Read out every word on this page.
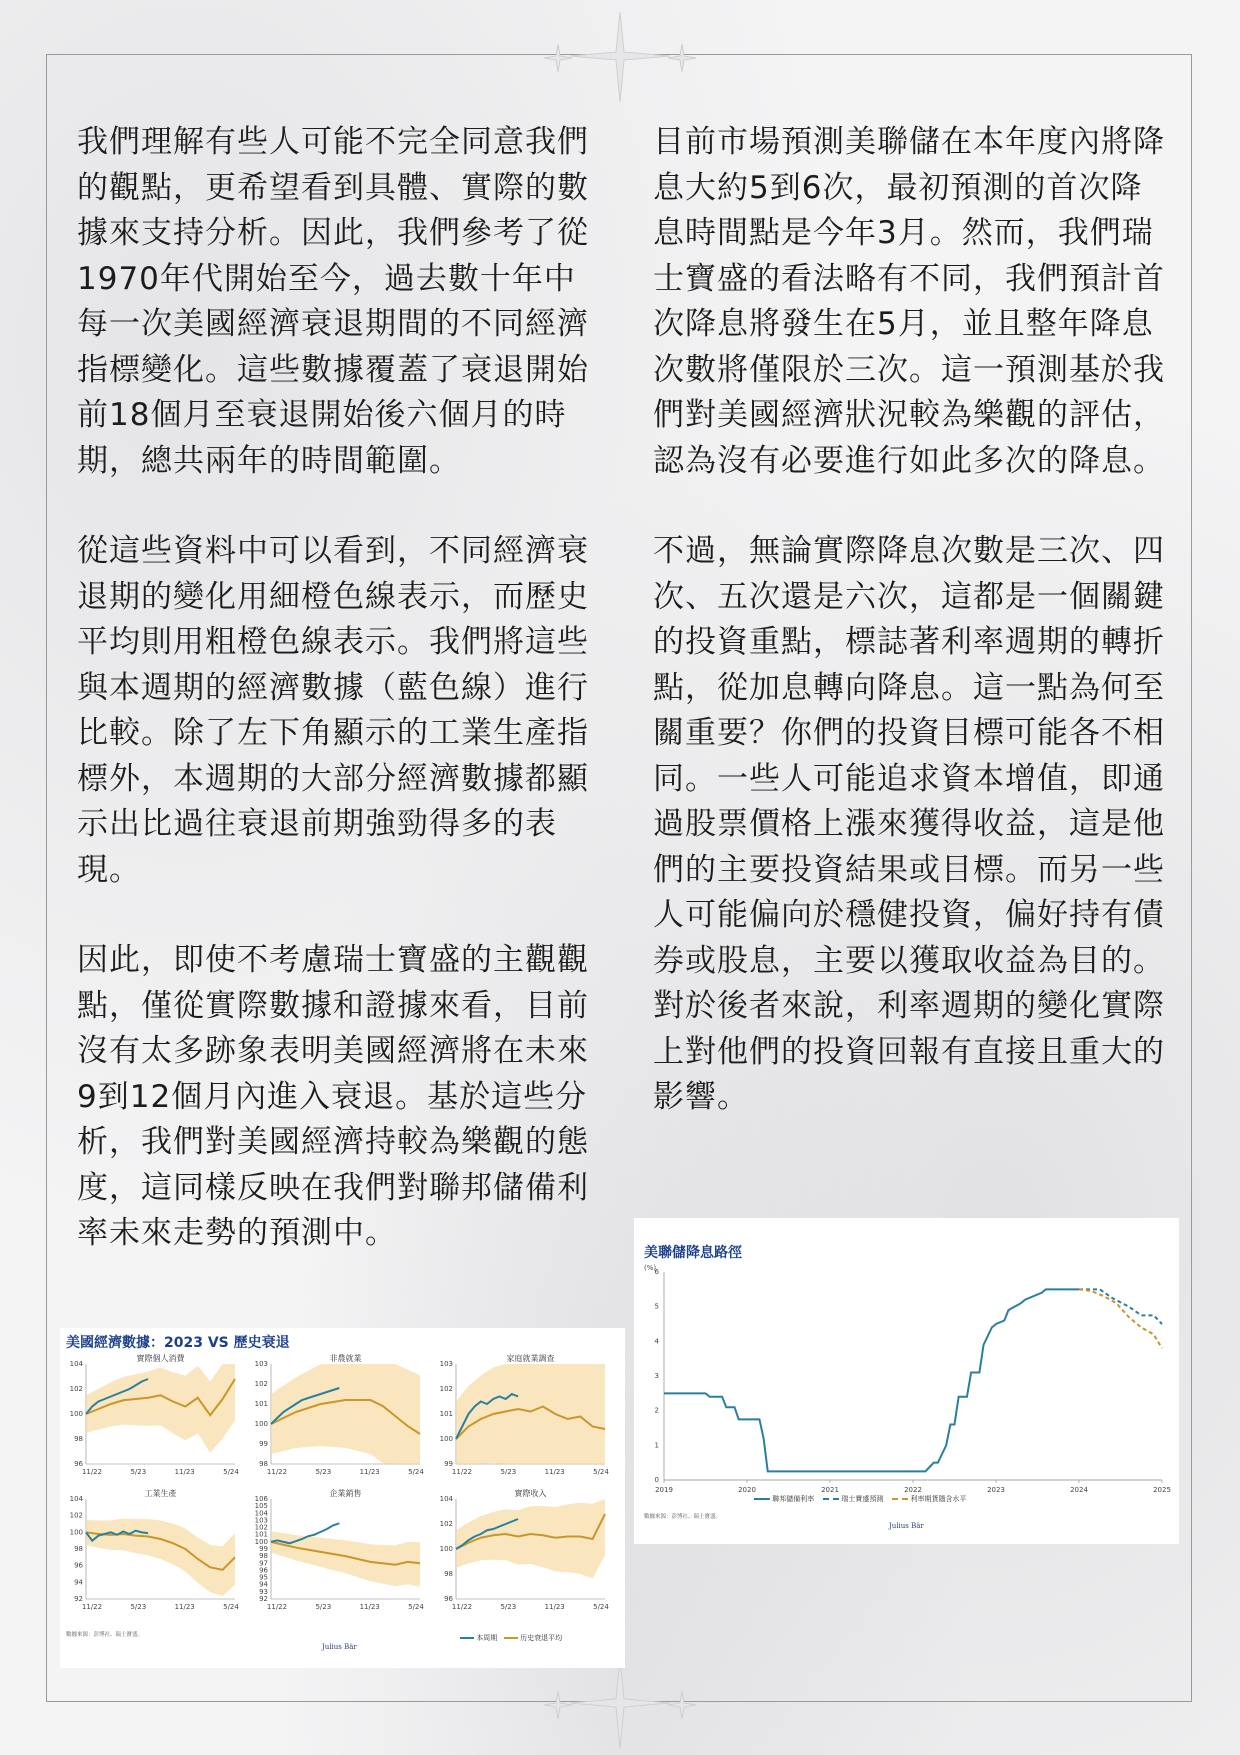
我們理解有些人可能不完全同意我們的觀點，更希望看到具體、實際的數據來支持分析。因此，我們參考了從1970年代開始至今，過去數十年中每一次美國經濟衰退期間的不同經濟指標變化。這些數據覆蓋了衰退開始前18個月至衰退開始後六個月的時期，總共兩年的時間範圍。

從這些資料中可以看到，不同經濟衰退期的變化用細橙色線表示，而歷史平均則用粗橙色線表示。我們將這些與本週期的經濟數據（藍色線）進行比較。除了左下角顯示的工業生產指標外，本週期的大部分經濟數據都顯示出比過往衰退前期強勁得多的表現。

因此，即使不考慮瑞士寶盛的主觀觀點，僅從實際數據和證據來看，目前沒有太多跡象表明美國經濟將在未來9到12個月內進入衰退。基於這些分析，我們對美國經濟持較為樂觀的態度，這同樣反映在我們對聯邦儲備利率未來走勢的預測中。

目前市場預測美聯儲在本年度內將降息大約5到6次，最初預測的首次降息時間點是今年3月。然而，我們瑞士寶盛的看法略有不同，我們預計首次降息將發生在5月，並且整年降息次數將僅限於三次。這一預測基於我們對美國經濟狀況較為樂觀的評估，認為沒有必要進行如此多次的降息。

不過，無論實際降息次數是三次、四次、五次還是六次，這都是一個關鍵的投資重點，標誌著利率週期的轉折點，從加息轉向降息。這一點為何至關重要？你們的投資目標可能各不相同。一些人可能追求資本增值，即通過股票價格上漲來獲得收益，這是他們的主要投資結果或目標。而另一些人可能偏向於穩健投資，偏好持有債券或股息，主要以獲取收益為目的。對於後者來說，利率週期的變化實際上對他們的投資回報有直接且重大的影響。

美國經濟數據：2023 VS 歷史衰退
實際個人消費
96
98
100
102
104
11/22	5/23	11/23	5/24
非農就業
98
99
100
101
102
103
11/22	5/23	11/23	5/24
家庭就業調查
99
100
101
102
103
11/22	5/23	11/23	5/24
工業生產
92
94
96
98
100
102
104
11/22	5/23	11/23	5/24
企業銷售
92
93
94
95
96
97
98
99
100
101
102
103
104
105
106
11/22	5/23	11/23	5/24
實際收入
96
98
100
102
104
11/22	5/23	11/23	5/24
數據來源：彭博社、瑞士寶盛。
Julius Bär
本周期	历史衰退平均
美聯儲降息路徑
(%)
0
1
2
3
4
5
6
2019	2020	2021	2022	2023	2024	2025
聯邦儲備利率	瑞士寶盛預測	利率期貨隱含水平
數據來源：彭博社、瑞士寶盛。
Julius Bär
